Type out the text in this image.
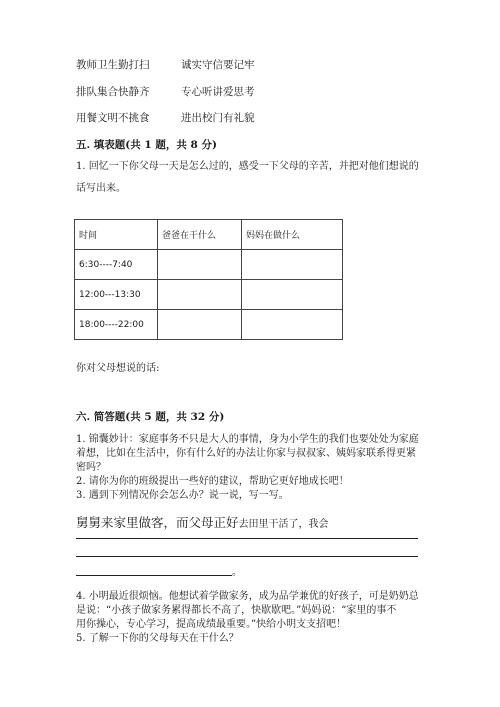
教师卫生勤打扫	诚实守信要记牢
排队集合快静齐	专心听讲爱思考
用餐文明不挑食	进出校门有礼貌
五. 填表题(共 1 题，共 8 分)
1. 回忆一下你父母一天是怎么过的，感受一下父母的辛苦，并把对他们想说的
话写出来。
时间	爸爸在干什么	妈妈在做什么
6:30----7:40		
12:00---13:30		
18:00----22:00		
你对父母想说的话:
六. 简答题(共 5 题，共 32 分)
1. 锦囊妙计：家庭事务不只是大人的事情，身为小学生的我们也要处处为家庭
着想，比如在生活中，你有什么好的办法让你家与叔叔家、姨妈家联系得更紧
密吗？
2. 请你为你的班级提出一些好的建议，帮助它更好地成长吧！
3. 遇到下列情况你会怎么办？说一说，写一写。
舅舅来家里做客，而父母正好去田里干活了，我会
。
4. 小明最近很烦恼。他想试着学做家务，成为品学兼优的好孩子，可是奶奶总
是说：“小孩子做家务累得都长不高了，快歇歇吧。”妈妈说：“家里的事不
用你操心，专心学习，提高成绩最重要。”快给小明支支招吧！
5. 了解一下你的父母每天在干什么？
